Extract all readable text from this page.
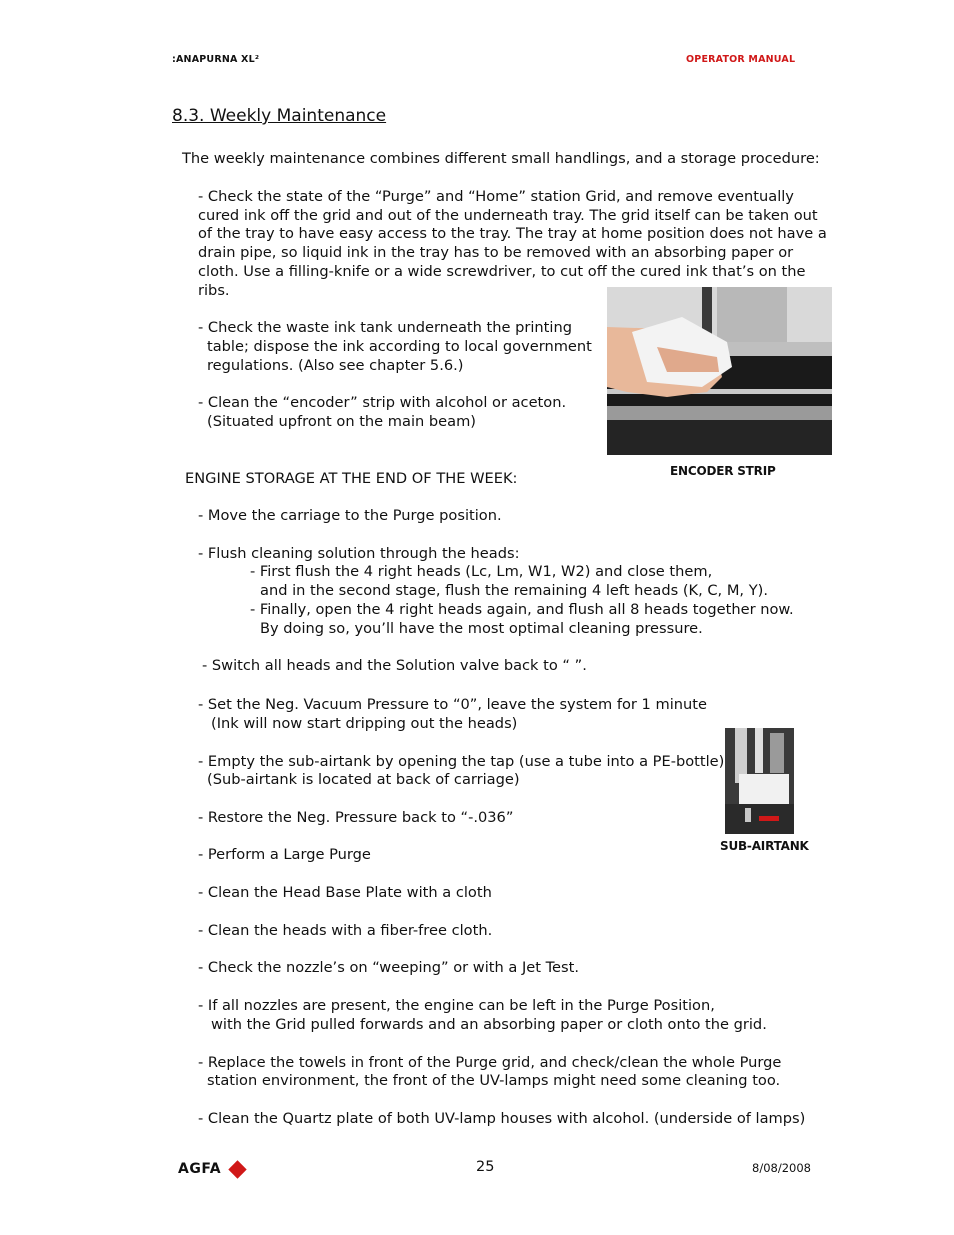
:ANAPURNA XL²	OPERATOR MANUAL
8.3. Weekly Maintenance
The weekly maintenance combines different small handlings, and a storage procedure:
- Check the state of the “Purge” and “Home” station Grid, and remove eventually
cured ink off the grid and out of the underneath tray. The grid itself can be taken out
of the tray to have easy access to the tray. The tray at home position does not have a
drain pipe, so liquid ink in the tray has to be removed with an absorbing paper or
cloth. Use a filling-knife or a wide screwdriver, to cut off the cured ink that’s on the
ribs.
- Check the waste ink tank underneath the printing
table; dispose the ink according to local government
regulations. (Also see chapter 5.6.)
- Clean the “encoder” strip with alcohol or aceton.
(Situated upfront on the main beam)
ENGINE STORAGE AT THE END OF THE WEEK:
- Move the carriage to the Purge position.
- Flush cleaning solution through the heads:
- First flush the 4 right heads (Lc, Lm, W1, W2) and close them,
and in the second stage, flush the remaining 4 left heads (K, C, M, Y).
- Finally, open the 4 right heads again, and flush all 8 heads together now.
By doing so, you’ll have the most optimal cleaning pressure.
- Switch all heads and the Solution valve back to “ ”.
- Set the Neg. Vacuum Pressure to “0”, leave the system for 1 minute
(Ink will now start dripping out the heads)
- Empty the sub-airtank by opening the tap (use a tube into a PE-bottle)
(Sub-airtank is located at back of carriage)
- Restore the Neg. Pressure back to “-.036”
- Perform a Large Purge
- Clean the Head Base Plate with a cloth
- Clean the heads with a fiber-free cloth.
- Check the nozzle’s on “weeping” or with a Jet Test.
- If all nozzles are present, the engine can be left in the Purge Position,
with the Grid pulled forwards and an absorbing paper or cloth onto the grid.
- Replace the towels in front of the Purge grid, and check/clean the whole Purge
station environment, the front of the UV-lamps might need some cleaning too.
- Clean the Quartz plate of both UV-lamp houses with alcohol. (underside of lamps)
ENCODER STRIP
SUB-AIRTANK
AGFA	25	8/08/2008
